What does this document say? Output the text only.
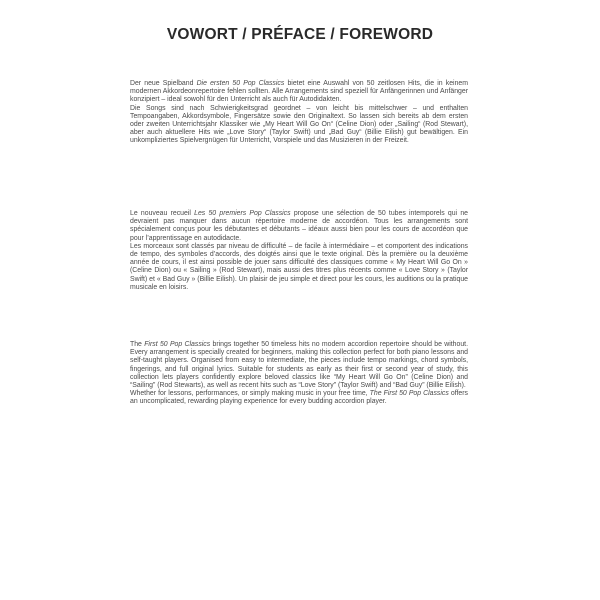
VOWORT / PRÉFACE / FOREWORD
Der neue Spielband Die ersten 50 Pop Classics bietet eine Auswahl von 50 zeitlosen Hits, die in keinem modernen Akkordeonrepertoire fehlen sollten. Alle Arrangements sind speziell für Anfängerinnen und Anfänger konzipiert – ideal sowohl für den Unterricht als auch für Autodidakten.
Die Songs sind nach Schwierigkeitsgrad geordnet – von leicht bis mittelschwer – und enthalten Tempoangaben, Akkordsymbole, Fingersätze sowie den Originaltext. So lassen sich bereits ab dem ersten oder zweiten Unterrichtsjahr Klassiker wie „My Heart Will Go On“ (Celine Dion) oder „Sailing“ (Rod Stewart), aber auch aktuellere Hits wie „Love Story“ (Taylor Swift) und „Bad Guy“ (Billie Eilish) gut bewältigen. Ein unkompliziertes Spielvergnügen für Unterricht, Vorspiele und das Musizieren in der Freizeit.
Le nouveau recueil Les 50 premiers Pop Classics propose une sélection de 50 tubes intemporels qui ne devraient pas manquer dans aucun répertoire moderne de accordéon. Tous les arrangements sont spécialement conçus pour les débutantes et débutants – idéaux aussi bien pour les cours de accordéon que pour l’apprentissage en autodidacte.
Les morceaux sont classés par niveau de difficulté – de facile à intermédiaire – et comportent des indications de tempo, des symboles d’accords, des doigtés ainsi que le texte original. Dès la première ou la deuxième année de cours, il est ainsi possible de jouer sans difficulté des classiques comme « My Heart Will Go On » (Celine Dion) ou « Sailing » (Rod Stewart), mais aussi des titres plus récents comme « Love Story » (Taylor Swift) et « Bad Guy » (Billie Eilish). Un plaisir de jeu simple et direct pour les cours, les auditions ou la pratique musicale en loisirs.
The First 50 Pop Classics brings together 50 timeless hits no modern accordion repertoire should be without. Every arrangement is specially created for beginners, making this collection perfect for both piano lessons and self-taught players. Organised from easy to intermediate, the pieces include tempo markings, chord symbols, fingerings, and full original lyrics. Suitable for students as early as their first or second year of study, this collection lets players confidently explore beloved classics like “My Heart Will Go On” (Celine Dion) and “Sailing” (Rod Stewarts), as well as recent hits such as “Love Story” (Taylor Swift) and “Bad Guy” (Billie Eilish).
Whether for lessons, performances, or simply making music in your free time, The First 50 Pop Classics offers an uncomplicated, rewarding playing experience for every budding accordion player.
